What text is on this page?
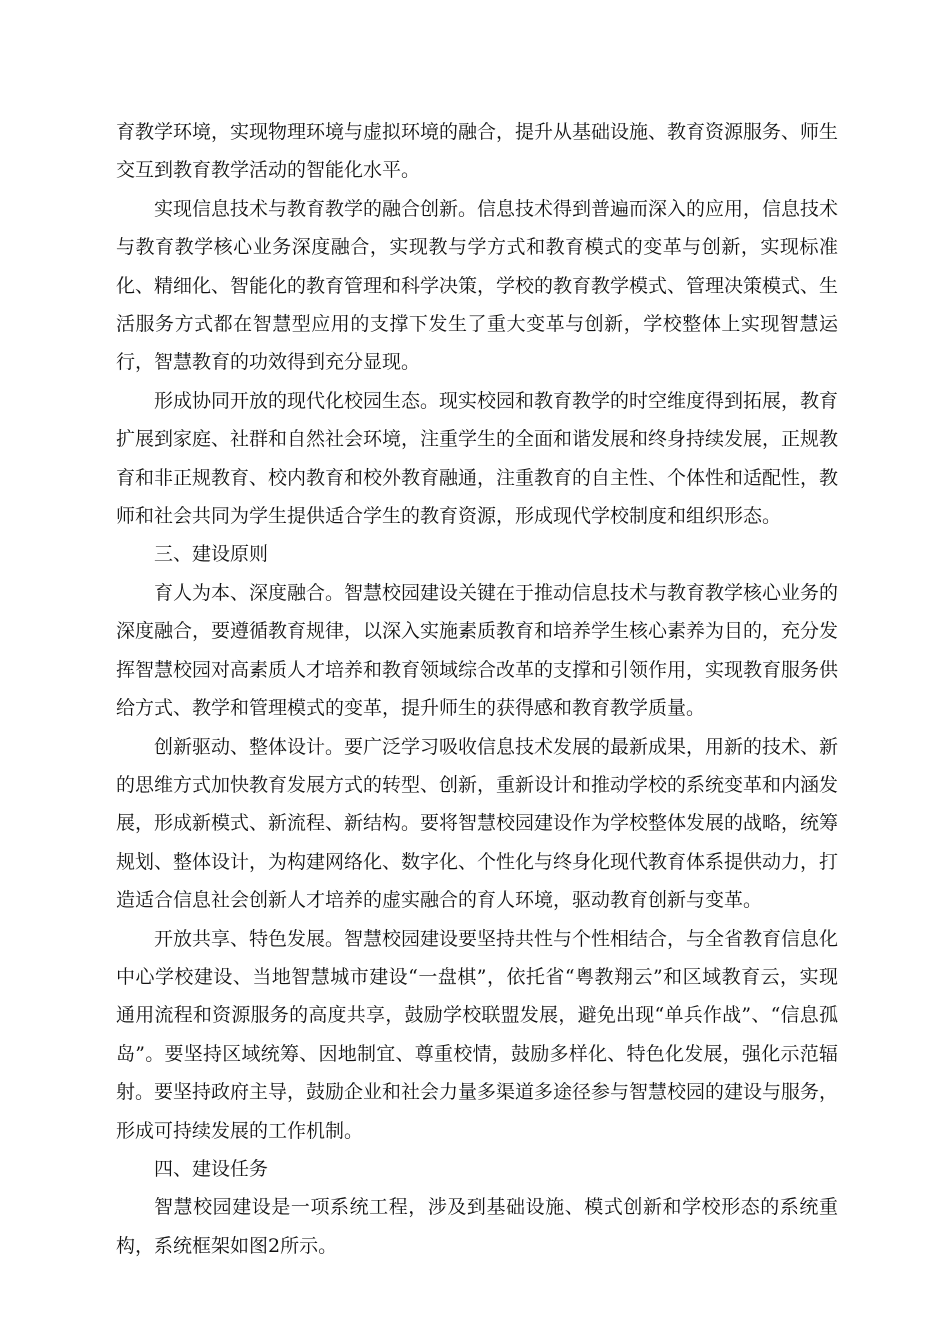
育教学环境，实现物理环境与虚拟环境的融合，提升从基础设施、教育资源服务、师生交互到教育教学活动的智能化水平。

实现信息技术与教育教学的融合创新。信息技术得到普遍而深入的应用，信息技术与教育教学核心业务深度融合，实现教与学方式和教育模式的变革与创新，实现标准化、精细化、智能化的教育管理和科学决策，学校的教育教学模式、管理决策模式、生活服务方式都在智慧型应用的支撑下发生了重大变革与创新，学校整体上实现智慧运行，智慧教育的功效得到充分显现。

形成协同开放的现代化校园生态。现实校园和教育教学的时空维度得到拓展，教育扩展到家庭、社群和自然社会环境，注重学生的全面和谐发展和终身持续发展，正规教育和非正规教育、校内教育和校外教育融通，注重教育的自主性、个体性和适配性，教师和社会共同为学生提供适合学生的教育资源，形成现代学校制度和组织形态。

三、建设原则

育人为本、深度融合。智慧校园建设关键在于推动信息技术与教育教学核心业务的深度融合，要遵循教育规律，以深入实施素质教育和培养学生核心素养为目的，充分发挥智慧校园对高素质人才培养和教育领域综合改革的支撑和引领作用，实现教育服务供给方式、教学和管理模式的变革，提升师生的获得感和教育教学质量。

创新驱动、整体设计。要广泛学习吸收信息技术发展的最新成果，用新的技术、新的思维方式加快教育发展方式的转型、创新，重新设计和推动学校的系统变革和内涵发展，形成新模式、新流程、新结构。要将智慧校园建设作为学校整体发展的战略，统筹规划、整体设计，为构建网络化、数字化、个性化与终身化现代教育体系提供动力，打造适合信息社会创新人才培养的虚实融合的育人环境，驱动教育创新与变革。

开放共享、特色发展。智慧校园建设要坚持共性与个性相结合，与全省教育信息化中心学校建设、当地智慧城市建设“一盘棋”，依托省“粤教翔云”和区域教育云，实现通用流程和资源服务的高度共享，鼓励学校联盟发展，避免出现“单兵作战”、“信息孤岛”。要坚持区域统筹、因地制宜、尊重校情，鼓励多样化、特色化发展，强化示范辐射。要坚持政府主导，鼓励企业和社会力量多渠道多途径参与智慧校园的建设与服务，形成可持续发展的工作机制。

四、建设任务

智慧校园建设是一项系统工程，涉及到基础设施、模式创新和学校形态的系统重构，系统框架如图2所示。
